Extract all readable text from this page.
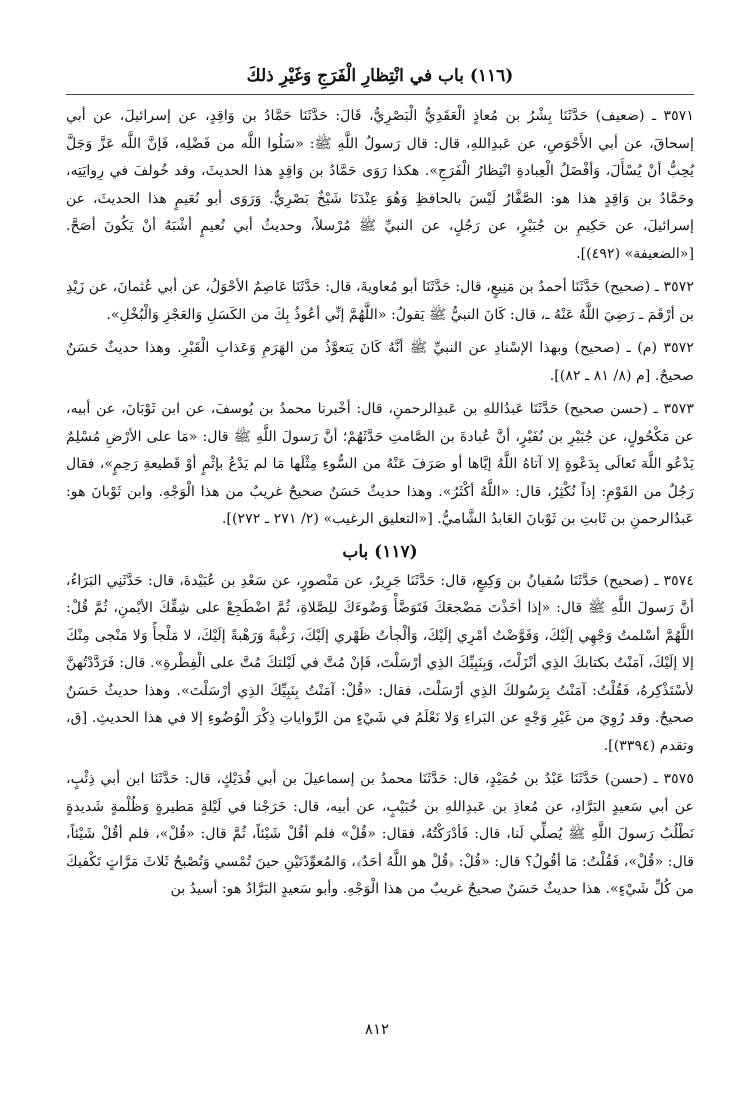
(١١٦) باب في انْتِظارِ الْفَرَجِ وَغَيْرِ ذلكَ

٣٥٧١ ـ (ضعيف) حَدَّثَنَا بِشْرُ بن مُعاذٍ الْعَقَدِيُّ الْبَصْرِيُّ، قَالَ: حَدَّثَنَا حَمَّادُ بن وَاقِدٍ، عن إسرائيلَ، عن أبي إسحاقَ، عن أبي الأَحْوَصِ، عن عَبدِاللهِ، قال: قال رَسولُ اللَّهِ ﷺ: «سَلُوا اللَّه من فَضْلِه، فَإنَّ اللَّه عَزَّ وَجَلَّ يُحِبُّ أنْ يُسْأَلَ، وَأفْضَلُ الْعِبادةِ انْتِظارُ الْفَرَجِ». هكذا رَوَى حَمَّادُ بن وَاقِدٍ هذا الحديثَ، وقد خُولفَ في رِوايَتِه، وحَمَّادُ بن وَاقِدٍ هذا هو: الصَّفَّارُ لَيْسَ بالحافظِ وَهُوَ عِنْدَنَا شَيْخٌ بَصْرِيٌّ. وَرَوَى أبو نُعَيمٍ هذا الحديثَ، عن إسرائيلَ، عن حَكِيمِ بن جُبَيْرٍ، عن رَجُلٍ، عن النبيِّ ﷺ مُرْسلاً، وحديثُ أبي نُعيمٍ أشْبَهُ أنْ يَكُونَ أصَحَّ. [«الضعيفة» (٤٩٢)].

٣٥٧٢ ـ (صحيح) حَدَّثَنَا أحمدُ بن مَنِيعٍ، قال: حَدَّثَنَا أبو مُعاويةَ، قال: حَدَّثَنَا عَاصِمٌ الأحْوَلُ، عن أبي عُثمانَ، عن زَيْدِ بن أرْقَمَ ـ رَضِيَ اللَّهُ عَنْهُ ـ، قال: كَانَ النبيُّ ﷺ يَقولُ: «اللَّهُمَّ إنِّي أعُوذُ بِكَ من الكَسَلِ وَالعَجْزِ وَالْبُخْلِ».

٣٥٧٢ (م) ـ (صحيح) وبهذا الإسْنادِ عن النبيِّ ﷺ أنَّهُ كَانَ يَتعوَّذُ من الهَرَمِ وَعَذابِ الْقَبْرِ. وهذا حديثٌ حَسَنٌ صحيحٌ. [م (٨/ ٨١ ـ ٨٢)].

٣٥٧٣ ـ (حسن صحيح) حَدَّثَنَا عَبدُاللهِ بن عَبدِالرحمنِ، قال: أخْبرنا محمدُ بن يُوسفَ، عن ابن ثَوْبَانَ، عن أبيه، عن مَكْحُولٍ، عن جُبَيْرِ بن نُفَيْرٍ، أنَّ عُبادةَ بن الصَّامتِ حَدَّثَهُمْ؛ أنَّ رَسولَ اللَّهِ ﷺ قال: «مَا على الأرْضِ مُسْلِمٌ يَدْعُو اللَّهَ تَعالَى بِدَعْوةٍ إلا آتاهُ اللَّهُ إيَّاها أو صَرَفَ عَنْهُ من السُّوءِ مِثْلَها مَا لم يَدْعُ بإثْمٍ أوْ قَطيعةِ رَحِمٍ»، فقال رَجُلٌ من القَوْمِ: إذاً نُكْثِرُ، قال: «اللَّهُ أكْثَرُ». وهذا حديثٌ حَسَنٌ صحيحٌ غريبٌ من هذا الْوَجْهِ. وابن ثَوْبانَ هو: عَبدُالرحمنِ بن ثَابتِ بن ثَوْبانَ العَابدُ الشَّاميُّ. [«التعليق الرغيب» (٢/ ٢٧١ ـ ٢٧٢)].

(١١٧) باب

٣٥٧٤ ـ (صحيح) حَدَّثَنَا سُفيانُ بن وَكِيعٍ، قال: حَدَّثَنَا جَرِيرٌ، عن مَنْصورٍ، عن سَعْدِ بن عُبَيْدةَ، قال: حَدَّثَنِي البَرَاءُ، أنَّ رَسولَ اللَّهِ ﷺ قال: «إذا أخَذْتَ مَضْجعَكَ فَتَوَضَّأْ وَضُوءَكَ للِصَّلاةِ، ثُمَّ اضْطَجِعْ على شِقِّكَ الأيْمنِ، ثُمَّ قُلْ: اللَّهُمَّ أسْلمتُ وَجْهِي إلَيْكَ، وَفَوَّضْتُ أمْرِي إلَيْكَ، وَألْجأتُ ظَهْري إلَيْكَ، رَغْبةً وَرَهْبةً إلَيْكَ، لا مَلْجأً وَلا مَنْجى مِنْكَ إلا إلَيْكَ، آمَنْتُ بكتابكَ الذِي أنْزَلْتَ، وَبِنَبِيِّكَ الذِي أرْسَلْتَ، فَإنْ مُتَّ في لَيْلتكَ مُتَّ على الْفِطْرةِ». قال: فَرَدَّدْتُهنَّ لأسْتَذْكِرهُ، فَقُلْتُ: آمَنْتُ بِرَسُولكَ الذِي أرْسَلْتَ، فقال: «قُلْ: آمَنْتُ بِنَبِيِّكَ الذِي أرْسَلْتَ». وهذا حديثٌ حَسَنٌ صحيحٌ. وقد رُوِيَ من غَيْرِ وَجْهٍ عن البَراءِ وَلا نَعْلَمُ في شَيْءٍ من الرِّواياتِ ذِكْرَ الْوُضُوءِ إلا في هذا الحديثِ. [ق، وتقدم (٣٣٩٤)].

٣٥٧٥ ـ (حسن) حَدَّثَنَا عَبْدُ بن حُمَيْدٍ، قال: حَدَّثَنَا محمدُ بن إسماعيلَ بن أبي فُدَيْكٍ، قال: حَدَّثَنَا ابن أبي ذِئْبٍ، عن أبي سَعيدٍ البَرَّادِ، عن مُعاذِ بن عَبدِاللهِ بن خُبَيْبٍ، عن أبيه، قال: خَرَجْنا في لَيْلةٍ مَطيرةٍ وَظُلْمةٍ شَديدةٍ نَطْلُبُ رَسولَ اللَّهِ ﷺ يُصلِّي لَنا، قال: فَأدْرَكْتُهُ، فقال: «قُلْ» فلم أقُلْ شَيْئاً، ثُمَّ قال: «قُلْ»، فلم أقُلْ شَيْئاً، قال: «قُلْ»، فَقُلْتُ: مَا أقُولُ؟ قال: «قُلْ: ﴿قُلْ هو اللَّهُ أحَدٌ﴾، وَالمُعوِّذَتَيْنِ حينَ تُمْسي وَتُصْبحُ ثَلاثَ مَرَّاتٍ تَكْفيكَ من كُلِّ شَيْءٍ». هذا حديثٌ حَسَنٌ صحيحٌ غريبٌ من هذا الْوَجْهِ. وأبو سَعيدٍ البَرَّادُ هو: أسيدُ بن

٨١٢
